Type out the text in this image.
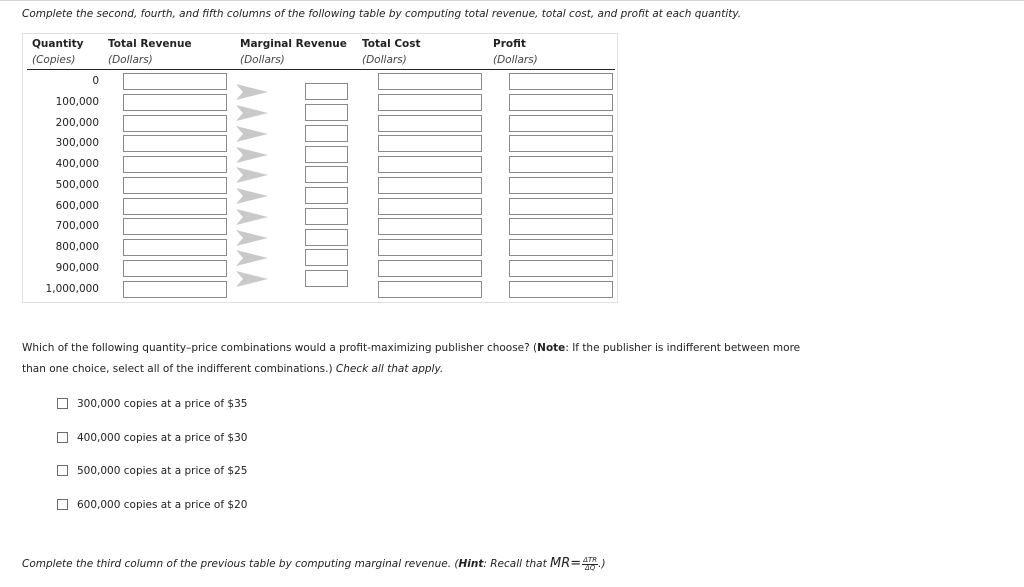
Complete the second, fourth, and fifth columns of the following table by computing total revenue, total cost, and profit at each quantity.
Quantity
(Copies)
Total Revenue
(Dollars)
Marginal Revenue
(Dollars)
Total Cost
(Dollars)
Profit
(Dollars)
0
100,000
200,000
300,000
400,000
500,000
600,000
700,000
800,000
900,000
1,000,000
Which of the following quantity–price combinations would a profit-maximizing publisher choose? (Note: If the publisher is indifferent between more than one choice, select all of the indifferent combinations.) Check all that apply.
300,000 copies at a price of $35
400,000 copies at a price of $30
500,000 copies at a price of $25
600,000 copies at a price of $20
Complete the third column of the previous table by computing marginal revenue. (Hint: Recall that $MR= \frac{\text{ΔTR}}{\Delta Q}$ .)
